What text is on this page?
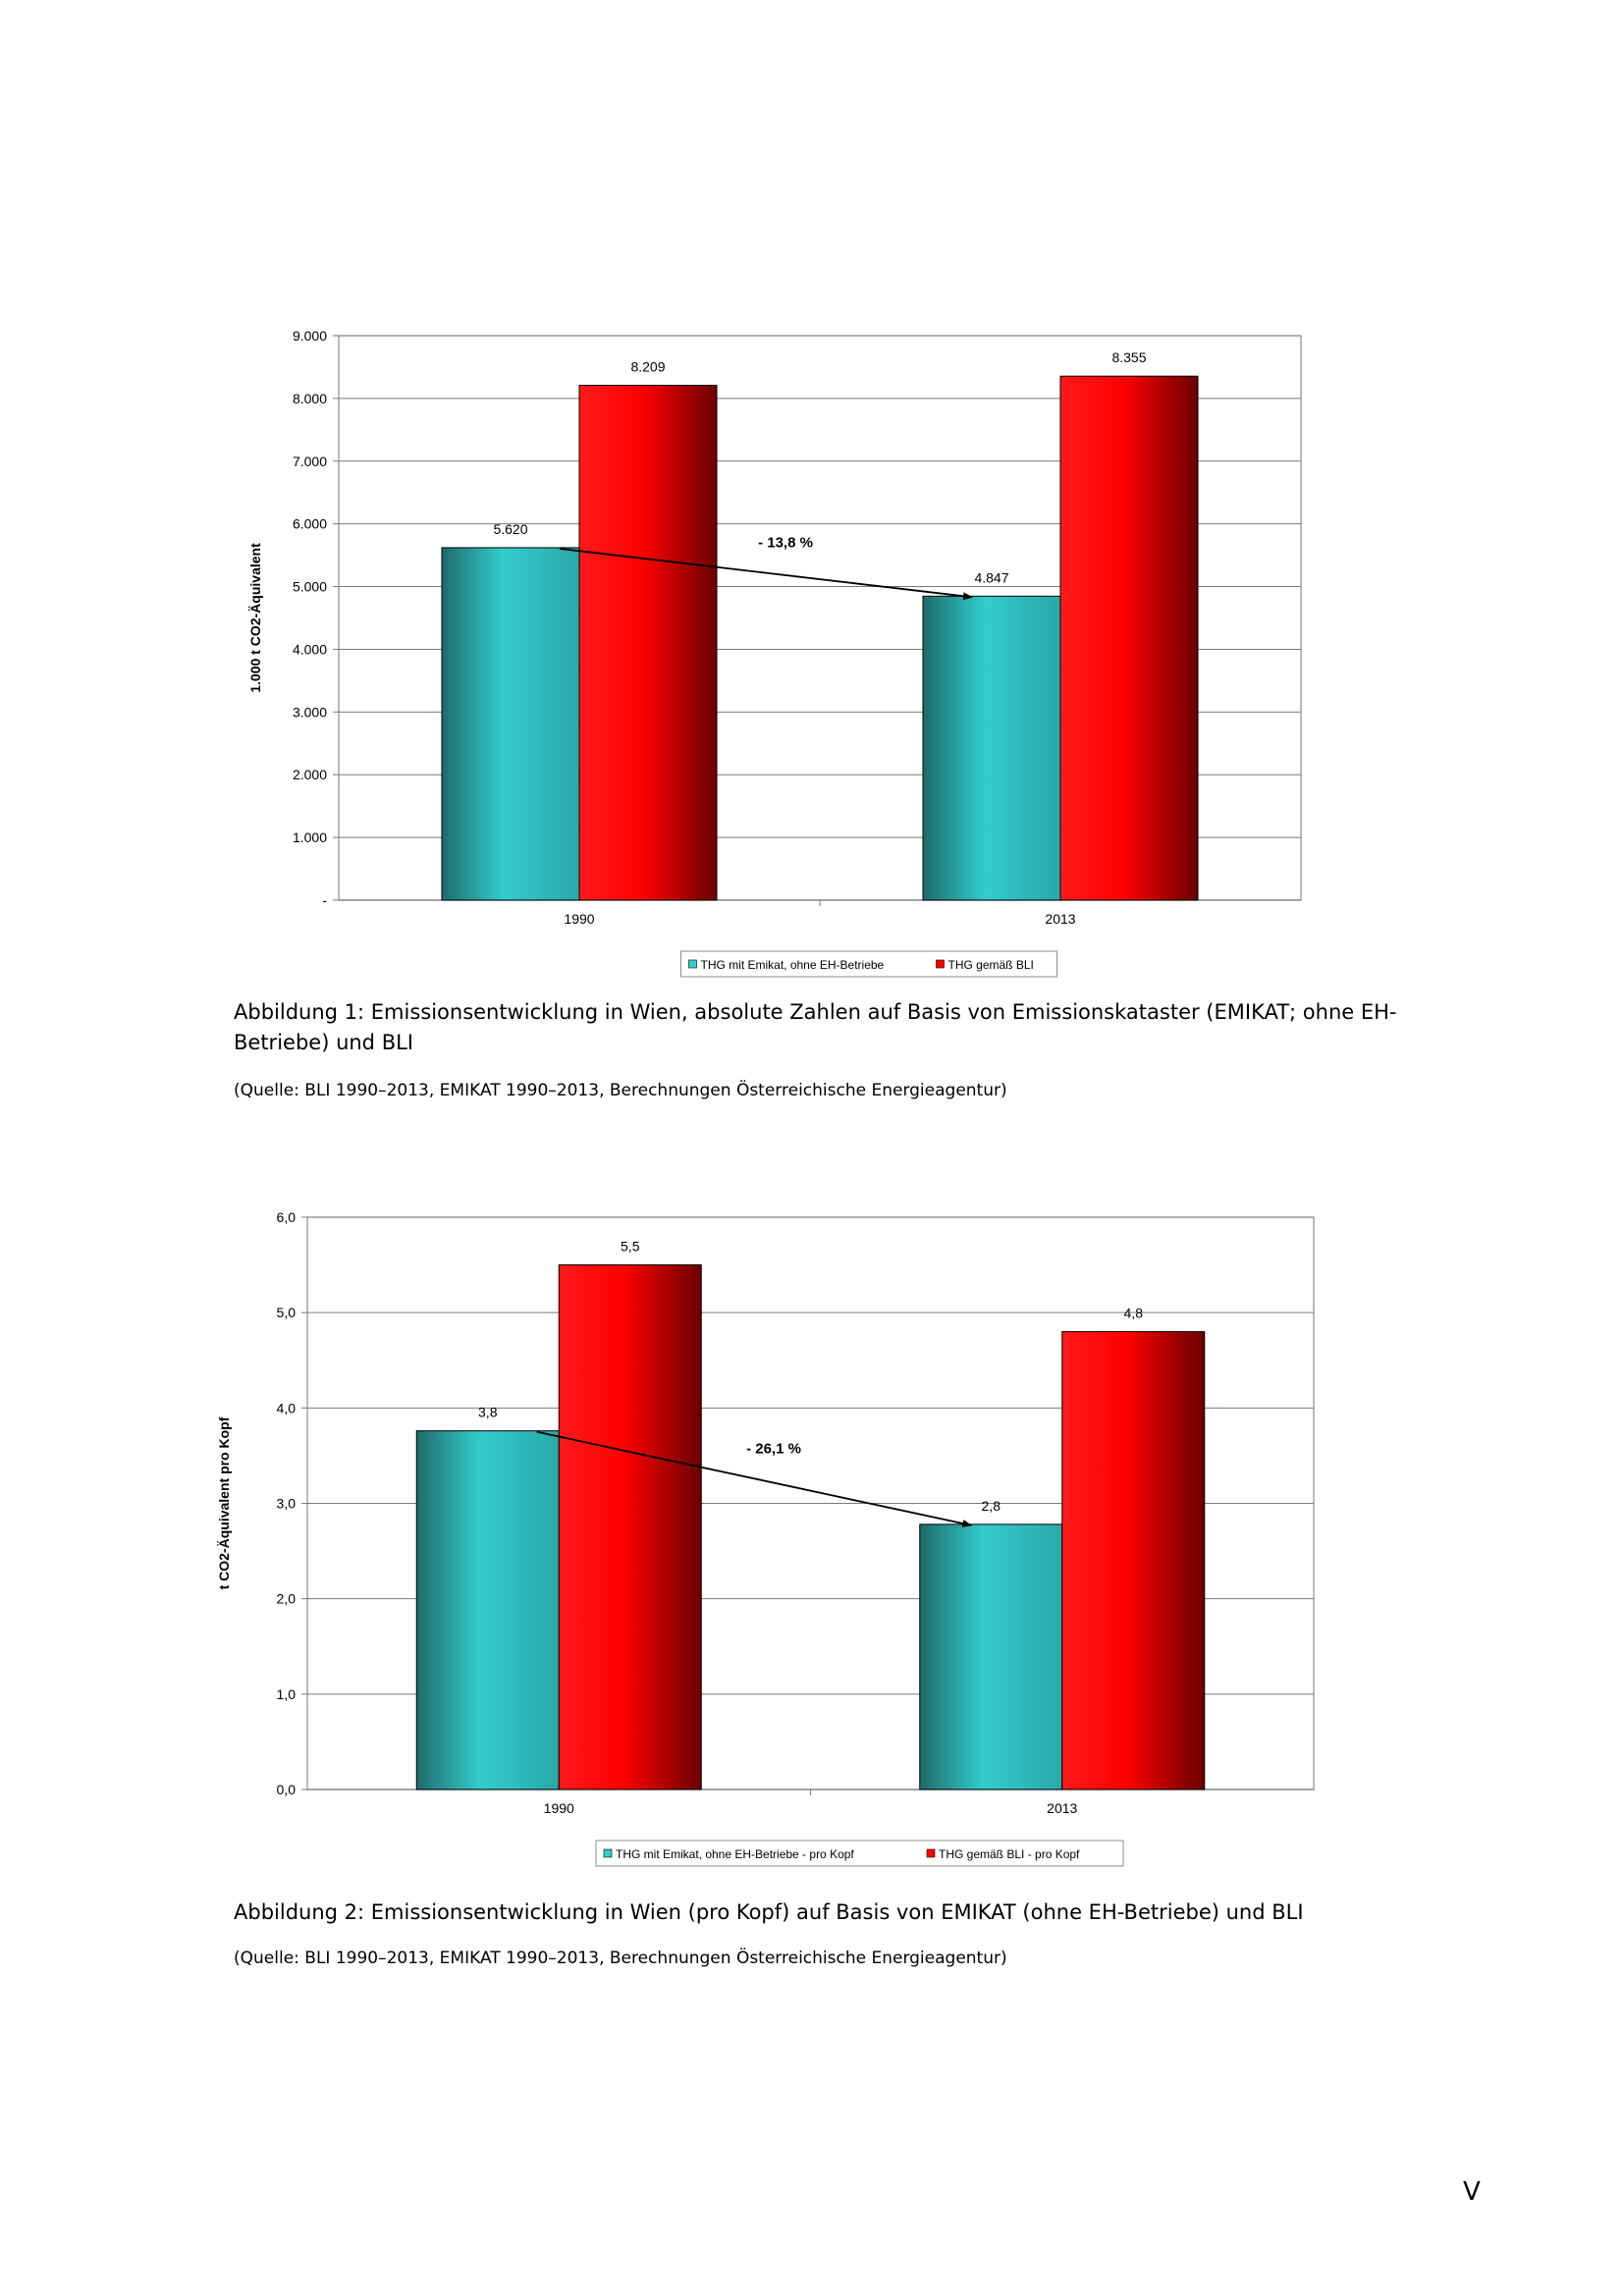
-
1.000
2.000
3.000
4.000
5.000
6.000
7.000
8.000
9.000
1.000 t CO2-Äquivalent
1990
5.620
8.209
2013
4.847
8.355
- 13,8 %
THG mit Emikat, ohne EH-Betriebe	THG gemäß BLI
Abbildung 1: Emissionsentwicklung in Wien, absolute Zahlen auf Basis von Emissionskataster (EMIKAT; ohne EH-Betriebe) und BLI
(Quelle: BLI 1990–2013, EMIKAT 1990–2013, Berechnungen Österreichische Energieagentur)
0,0
1,0
2,0
3,0
4,0
5,0
6,0
t CO2-Äquivalent pro Kopf
1990
3,8
5,5
2013
2,8
4,8
- 26,1 %
THG mit Emikat, ohne EH-Betriebe - pro Kopf	THG gemäß BLI - pro Kopf
Abbildung 2: Emissionsentwicklung in Wien (pro Kopf) auf Basis von EMIKAT (ohne EH-Betriebe) und BLI
(Quelle: BLI 1990–2013, EMIKAT 1990–2013, Berechnungen Österreichische Energieagentur)
V
